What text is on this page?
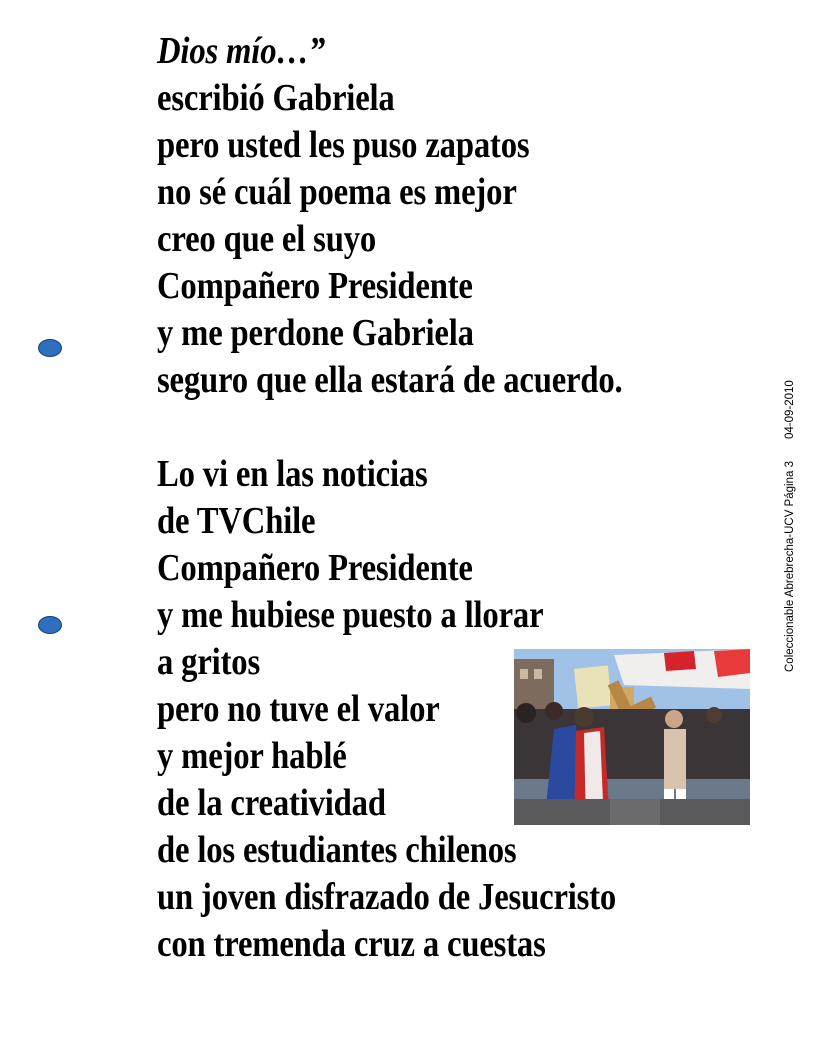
Dios mío…”
escribió Gabriela
pero usted les puso zapatos
no sé cuál poema es mejor
creo que el suyo
Compañero Presidente
y me perdone Gabriela
seguro que ella estará de acuerdo.
Lo vi en las noticias
de TVChile
Compañero Presidente
y me hubiese puesto a llorar
a gritos
pero no tuve el valor
y mejor hablé
de la creatividad
de los estudiantes chilenos
un joven disfrazado de Jesucristo
con tremenda cruz a cuestas
Coleccionable Abrebrecha-UCV Página 304-09-2010
